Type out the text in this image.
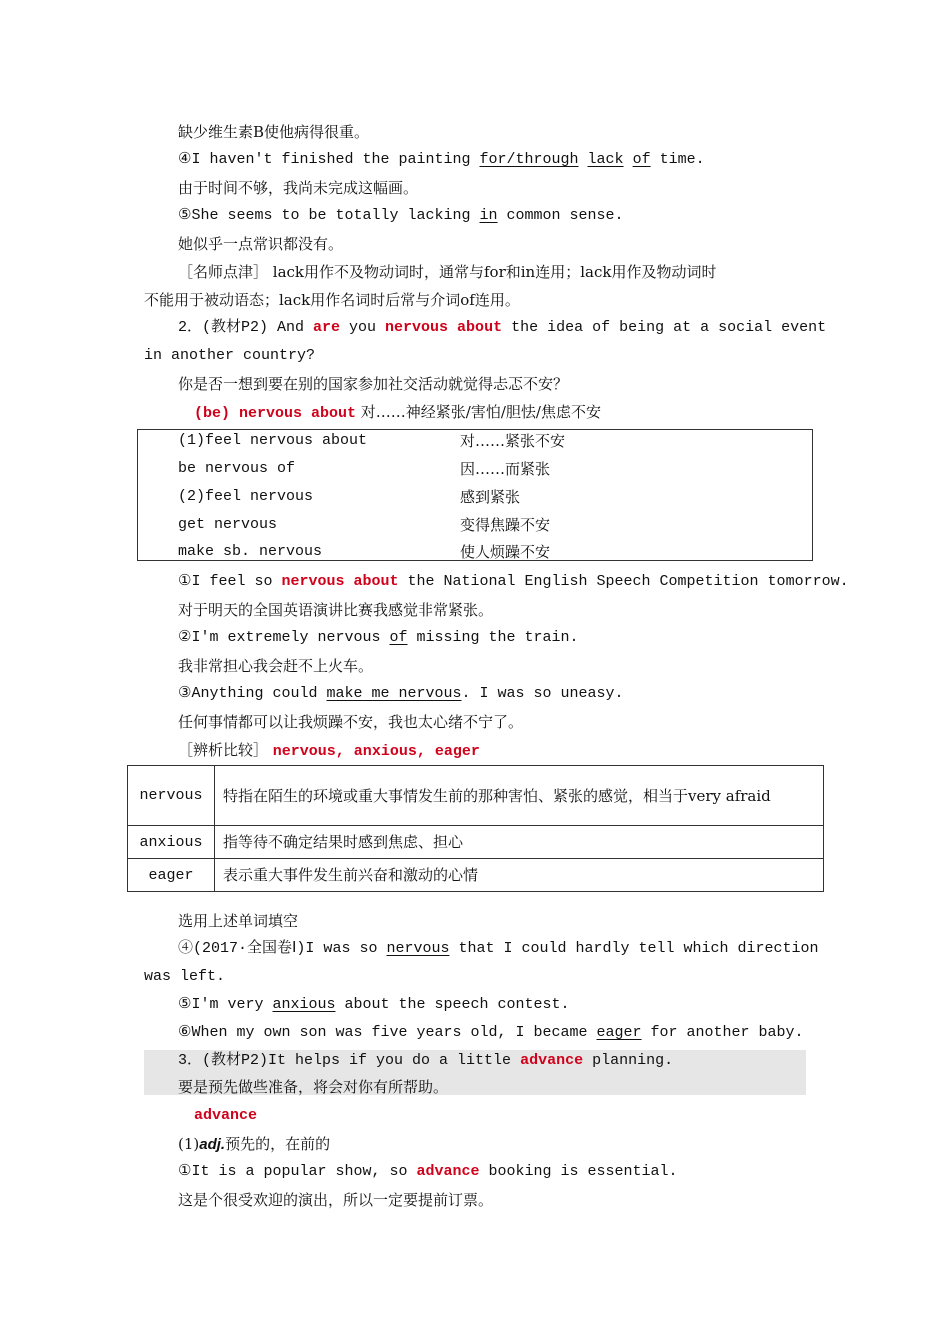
缺少维生素B使他病得很重。
④I haven't finished the painting for/through lack of time.
由于时间不够，我尚未完成这幅画。
⑤She seems to be totally lacking in common sense.
她似乎一点常识都没有。
［名师点津］ lack用作不及物动词时，通常与for和in连用；lack用作及物动词时
不能用于被动语态；lack用作名词时后常与介词of连用。
2．(教材P2) And are you nervous about the idea of being at a social event
in another country?
你是否一想到要在别的国家参加社交活动就觉得忐忑不安？
(be) nervous about 对……神经紧张/害怕/胆怯/焦虑不安
(1)feel nervous about	对……紧张不安
be nervous of	因……而紧张
(2)feel nervous	感到紧张
get nervous	变得焦躁不安
make sb. nervous	使人烦躁不安
①I feel so nervous about the National English Speech Competition tomorrow.
对于明天的全国英语演讲比赛我感觉非常紧张。
②I'm extremely nervous of missing the train.
我非常担心我会赶不上火车。
③Anything could make me nervous. I was so uneasy.
任何事情都可以让我烦躁不安，我也太心绪不宁了。
［辨析比较］ nervous, anxious, eager
nervous	特指在陌生的环境或重大事情发生前的那种害怕、紧张的感觉，相当于very afraid
anxious	指等待不确定结果时感到焦虑、担心
eager	表示重大事件发生前兴奋和激动的心情
选用上述单词填空
④(2017·全国卷Ⅰ)I was so nervous that I could hardly tell which direction
was left.
⑤I'm very anxious about the speech contest.
⑥When my own son was five years old, I became eager for another baby.
3．(教材P2)It helps if you do a little advance planning.
要是预先做些准备，将会对你有所帮助。
advance
(1)adj.预先的，在前的
①It is a popular show, so advance booking is essential.
这是个很受欢迎的演出，所以一定要提前订票。
